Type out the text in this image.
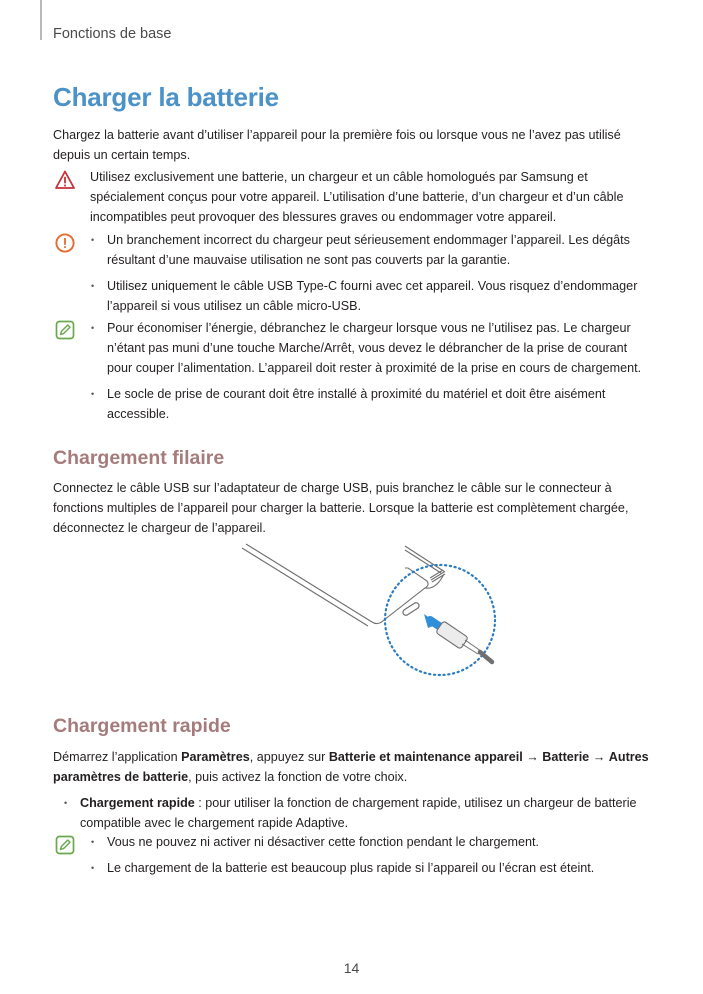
Fonctions de base
Charger la batterie
Chargez la batterie avant d’utiliser l’appareil pour la première fois ou lorsque vous ne l’avez pas utilisé depuis un certain temps.
Utilisez exclusivement une batterie, un chargeur et un câble homologués par Samsung et spécialement conçus pour votre appareil. L’utilisation d’une batterie, d’un chargeur et d’un câble incompatibles peut provoquer des blessures graves ou endommager votre appareil.
• Un branchement incorrect du chargeur peut sérieusement endommager l’appareil. Les dégâts résultant d’une mauvaise utilisation ne sont pas couverts par la garantie.
• Utilisez uniquement le câble USB Type-C fourni avec cet appareil. Vous risquez d’endommager l’appareil si vous utilisez un câble micro-USB.
• Pour économiser l’énergie, débranchez le chargeur lorsque vous ne l’utilisez pas. Le chargeur n’étant pas muni d’une touche Marche/Arrêt, vous devez le débrancher de la prise de courant pour couper l’alimentation. L’appareil doit rester à proximité de la prise en cours de chargement.
• Le socle de prise de courant doit être installé à proximité du matériel et doit être aisément accessible.
Chargement filaire
Connectez le câble USB sur l’adaptateur de charge USB, puis branchez le câble sur le connecteur à fonctions multiples de l’appareil pour charger la batterie. Lorsque la batterie est complètement chargée, déconnectez le chargeur de l’appareil.
Chargement rapide
Démarrez l’application Paramètres, appuyez sur Batterie et maintenance appareil → Batterie → Autres paramètres de batterie, puis activez la fonction de votre choix.
• Chargement rapide : pour utiliser la fonction de chargement rapide, utilisez un chargeur de batterie compatible avec le chargement rapide Adaptive.
• Vous ne pouvez ni activer ni désactiver cette fonction pendant le chargement.
• Le chargement de la batterie est beaucoup plus rapide si l’appareil ou l’écran est éteint.
14
